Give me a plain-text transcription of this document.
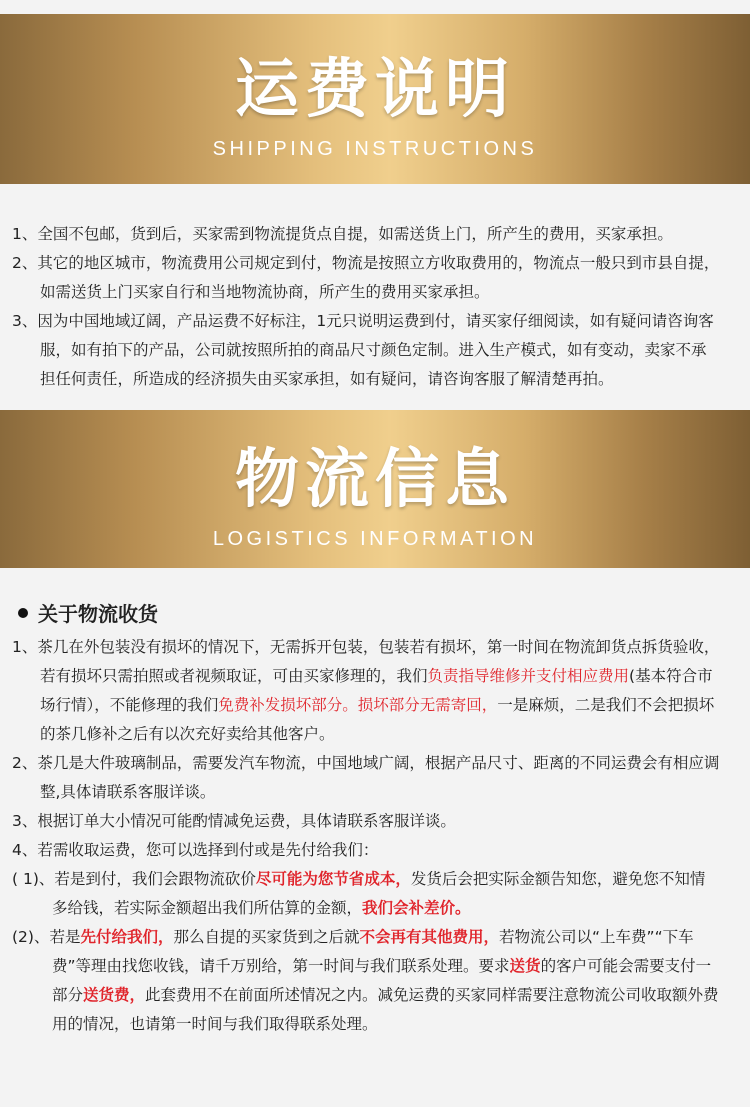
运费说明
SHIPPING INSTRUCTIONS

1、全国不包邮，货到后，买家需到物流提货点自提，如需送货上门，所产生的费用，买家承担。

2、其它的地区城市，物流费用公司规定到付，物流是按照立方收取费用的，物流点一般只到市县自提，如需送货上门买家自行和当地物流协商，所产生的费用买家承担。

3、因为中国地域辽阔，产品运费不好标注，1元只说明运费到付，请买家仔细阅读，如有疑问请咨询客服，如有拍下的产品，公司就按照所拍的商品尺寸颜色定制。进入生产模式，如有变动，卖家不承担任何责任，所造成的经济损失由买家承担，如有疑问，请咨询客服了解清楚再拍。

物流信息
LOGISTICS INFORMATION
关于物流收货

1、茶几在外包装没有损坏的情况下，无需拆开包装，包装若有损坏，第一时间在物流卸货点拆货验收，若有损坏只需拍照或者视频取证，可由买家修理的，我们负责指导维修并支付相应费用(基本符合市场行情），不能修理的我们免费补发损坏部分。损坏部分无需寄回，一是麻烦，二是我们不会把损坏的茶几修补之后有以次充好卖给其他客户。

2、茶几是大件玻璃制品，需要发汽车物流，中国地域广阔，根据产品尺寸、距离的不同运费会有相应调整,具体请联系客服详谈。

3、根据订单大小情况可能酌情减免运费，具体请联系客服详谈。

4、若需收取运费，您可以选择到付或是先付给我们：

( 1)、若是到付，我们会跟物流砍价尽可能为您节省成本，发货后会把实际金额告知您，避免您不知情多给钱，若实际金额超出我们所估算的金额，我们会补差价。

(2)、若是先付给我们，那么自提的买家货到之后就不会再有其他费用，若物流公司以“上车费”“下车费”等理由找您收钱，请千万别给，第一时间与我们联系处理。要求送货的客户可能会需要支付一部分送货费，此套费用不在前面所述情况之内。减免运费的买家同样需要注意物流公司收取额外费用的情况，也请第一时间与我们取得联系处理。
